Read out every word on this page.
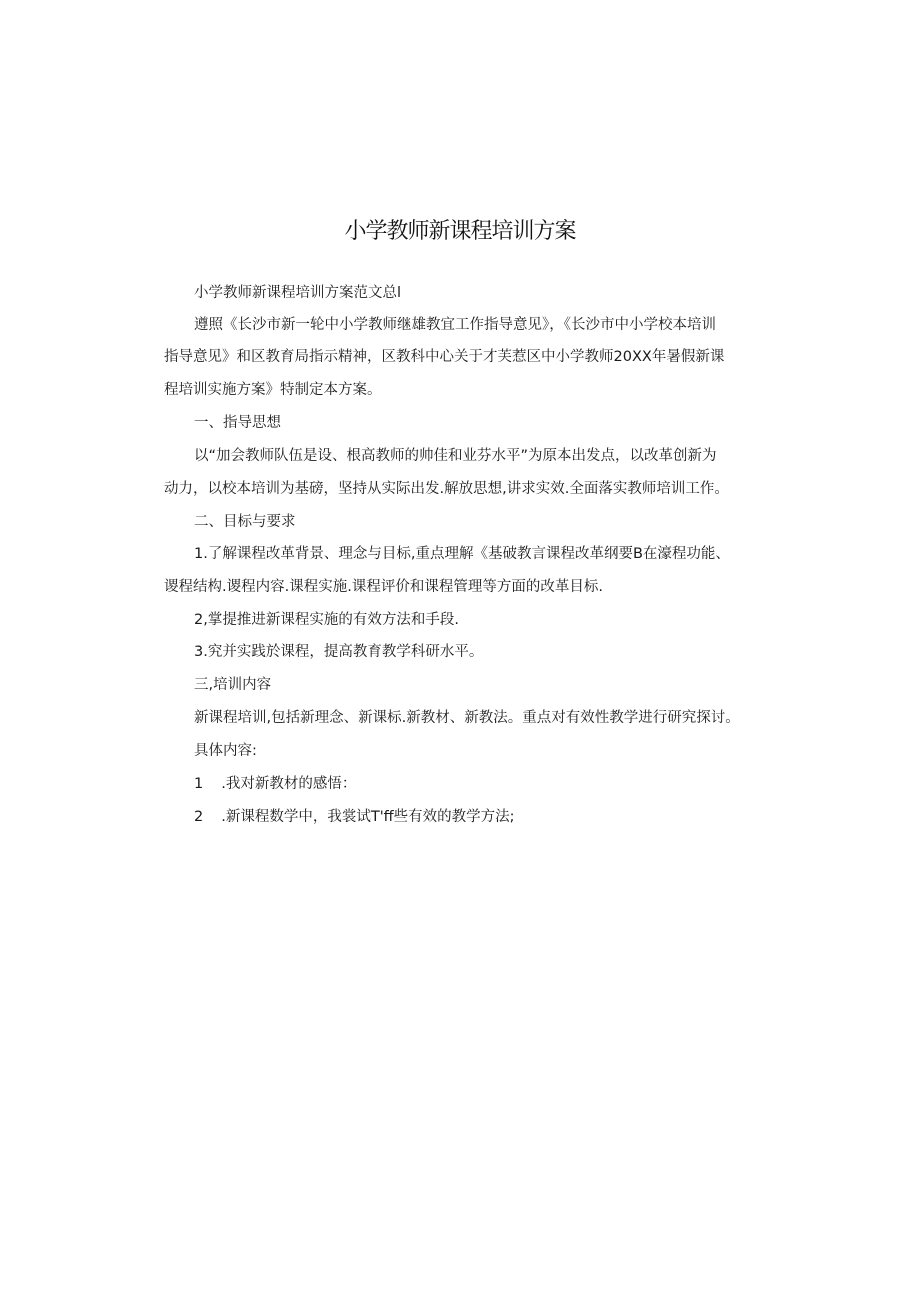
小学教师新课程培训方案
小学教师新课程培训方案范文总l
遵照《长沙市新一轮中小学教师继雄教宜工作指导意见》，《长沙市中小学校本培训
指导意见》和区教育局指示精神，区教科中心关于才芙惹区中小学教师20XX年暑假新课
程培训实施方案》特制定本方案。
一、指导思想
以“加会教师队伍是设、根高教师的帅佳和业芬水平”为原本出发点，以改革创新为
动力，以校本培训为基磅，坚持从实际出发.解放思想,讲求实效.全面落实教师培训工作。
二、目标与要求
1.了解课程改革背景、理念与目标,重点理解《基破教言课程改革纲要B在濠程功能、
谡程结构.谡程内容.课程实施.课程评价和课程管理等方面的改革目标.
2,掌提推进新课程实施的有效方法和手段.
3.究并实践於课程，提高教育教学科研水平。
三,培训内容
新课程培训,包括新理念、新课标.新教材、新教法。重点对有效性教学进行研究探讨。
具体内容:
1 .我对新教材的感悟：
2 .新课程数学中，我裳试T'ff些有效的教学方法;
